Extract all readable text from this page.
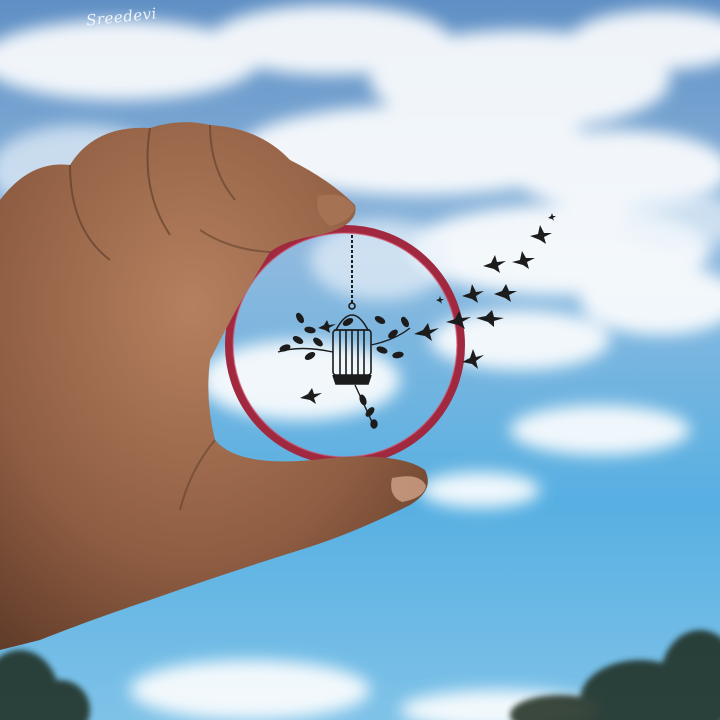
Sreedevi
